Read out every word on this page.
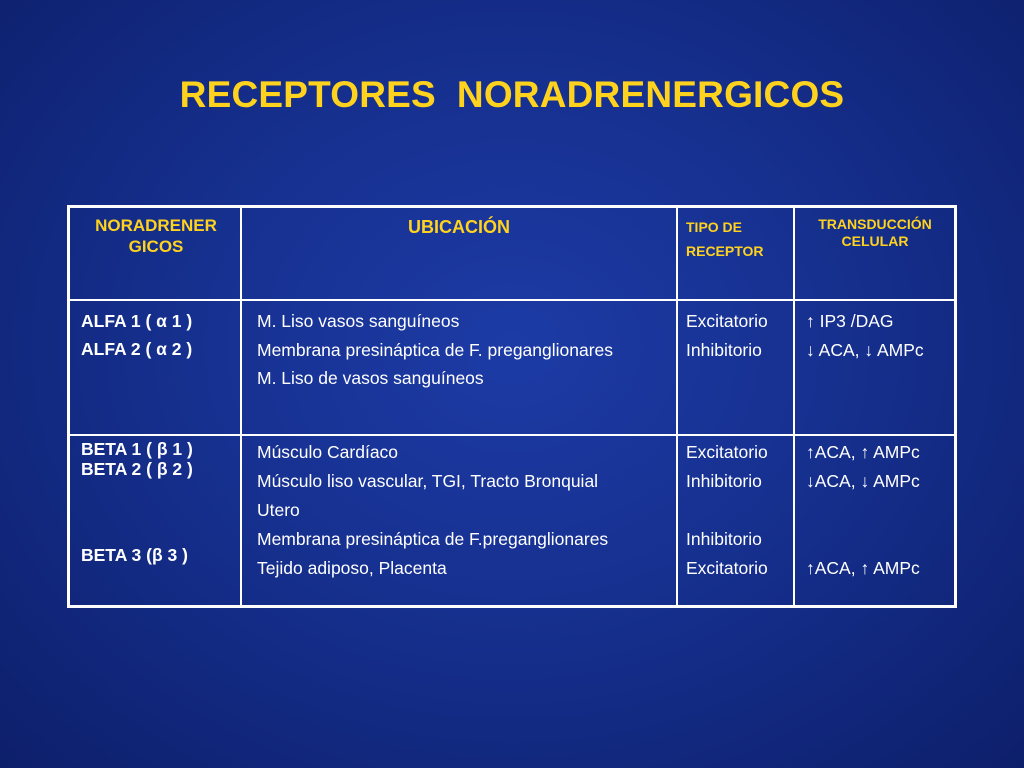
RECEPTORES  NORADRENERGICOS
NORADRENER
GICOS
UBICACIÓN	TIPO DE
RECEPTOR
TRANSDUCCIÓN
CELULAR
ALFA 1 ( α 1 )
ALFA 2 ( α 2 )
M. Liso vasos sanguíneos
Membrana presináptica de F. preganglionares
M. Liso de vasos sanguíneos
Excitatorio
Inhibitorio
↑ IP3 /DAG
↓ ACA, ↓ AMPc
BETA 1 ( β 1 )
BETA 2 ( β 2 )
BETA 3 (β 3 )
Músculo Cardíaco
Músculo liso vascular, TGI, Tracto Bronquial
Utero
Membrana presináptica de F.preganglionares
Tejido adiposo, Placenta
Excitatorio
Inhibitorio
Inhibitorio
Excitatorio
↑ACA, ↑ AMPc
↓ACA, ↓ AMPc
↑ACA, ↑ AMPc
